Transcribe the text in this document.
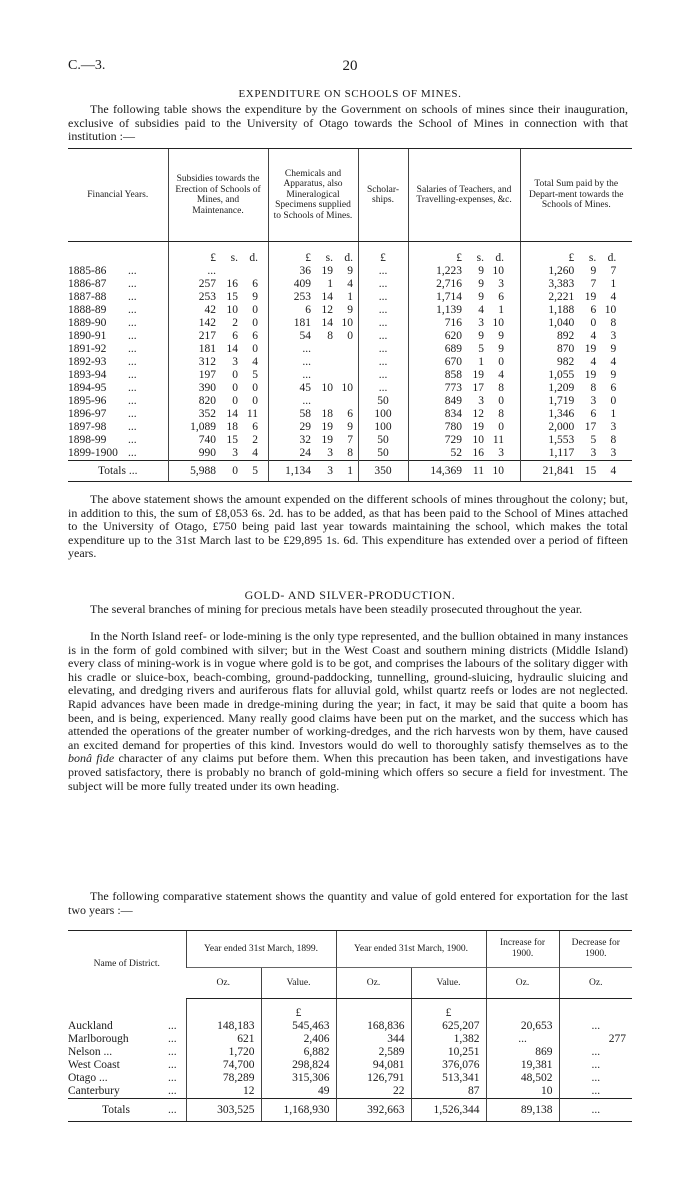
C.—3.	20
EXPENDITURE ON SCHOOLS OF MINES.

The following table shows the expenditure by the Government on schools of mines since their inauguration, exclusive of subsidies paid to the University of Otago towards the School of Mines in connection with that institution :—

Financial Years.	Subsidies towards the Erection of Schools of Mines, and Maintenance.	Chemicals and Apparatus, also Mineralogical Specimens supplied to Schools of Mines.	Scholar-ships.	Salaries of Teachers, and Travelling-expenses, &c.	Total Sum paid by the Depart-ment towards the Schools of Mines.

	£ s. d.	£ s. d.	£	£ s. d.	£ s. d.

1885-86 ...	...	36 19 9	...	1,223 9 10	1,260 9 7

1886-87 ...	257 16 6	409 1 4	...	2,716 9 3	3,383 7 1

1887-88 ...	253 15 9	253 14 1	...	1,714 9 6	2,221 19 4

1888-89 ...	42 10 0	6 12 9	...	1,139 4 1	1,188 6 10

1889-90 ...	142 2 0	181 14 10	...	716 3 10	1,040 0 8

1890-91 ...	217 6 6	54 8 0	...	620 9 9	892 4 3

1891-92 ...	181 14 0	...	...	689 5 9	870 19 9

1892-93 ...	312 3 4	...	...	670 1 0	982 4 4

1893-94 ...	197 0 5	...	...	858 19 4	1,055 19 9

1894-95 ...	390 0 0	45 10 10	...	773 17 8	1,209 8 6

1895-96 ...	820 0 0	...	50	849 3 0	1,719 3 0

1896-97 ...	352 14 11	58 18 6	100	834 12 8	1,346 6 1

1897-98 ...	1,089 18 6	29 19 9	100	780 19 0	2,000 17 3

1898-99 ...	740 15 2	32 19 7	50	729 10 11	1,553 5 8

1899-1900 ...	990 3 4	24 3 8	50	52 16 3	1,117 3 3

Totals ...	5,988 0 5	1,134 3 1	350	14,369 11 10	21,841 15 4

The above statement shows the amount expended on the different schools of mines throughout the colony; but, in addition to this, the sum of £8,053 6s. 2d. has to be added, as that has been paid to the School of Mines attached to the University of Otago, £750 being paid last year towards maintaining the school, which makes the total expenditure up to the 31st March last to be £29,895 1s. 6d. This expenditure has extended over a period of fifteen years.

GOLD- AND SILVER-PRODUCTION.

The several branches of mining for precious metals have been steadily prosecuted throughout the year.

In the North Island reef- or lode-mining is the only type represented, and the bullion obtained in many instances is in the form of gold combined with silver; but in the West Coast and southern mining districts (Middle Island) every class of mining-work is in vogue where gold is to be got, and comprises the labours of the solitary digger with his cradle or sluice-box, beach-combing, ground-paddocking, tunnelling, ground-sluicing, hydraulic sluicing and elevating, and dredging rivers and auriferous flats for alluvial gold, whilst quartz reefs or lodes are not neglected. Rapid advances have been made in dredge-mining during the year; in fact, it may be said that quite a boom has been, and is being, experienced. Many really good claims have been put on the market, and the success which has attended the operations of the greater number of working-dredges, and the rich harvests won by them, have caused an excited demand for properties of this kind. Investors would do well to thoroughly satisfy themselves as to the bonâ fide character of any claims put before them. When this precaution has been taken, and investigations have proved satisfactory, there is probably no branch of gold-mining which offers so secure a field for investment. The subject will be more fully treated under its own heading.

The following comparative statement shows the quantity and value of gold entered for exportation for the last two years :—

Name of District.	Year ended 31st March, 1899.		Year ended 31st March, 1900.		Increase for 1900.	Decrease for 1900.
	Oz.	Value.	Oz.	Value.	Oz.	Oz.
		£		£		
Auckland ...	148,183	545,463	168,836	625,207	20,653	...
Marlborough ...	621	2,406	344	1,382	...	277
Nelson ... ...	1,720	6,882	2,589	10,251	869	...
West Coast ...	74,700	298,824	94,081	376,076	19,381	...
Otago ... ...	78,289	315,306	126,791	513,341	48,502	...
Canterbury ...	12	49	22	87	10	...
Totals ...	303,525	1,168,930	392,663	1,526,344	89,138	...
